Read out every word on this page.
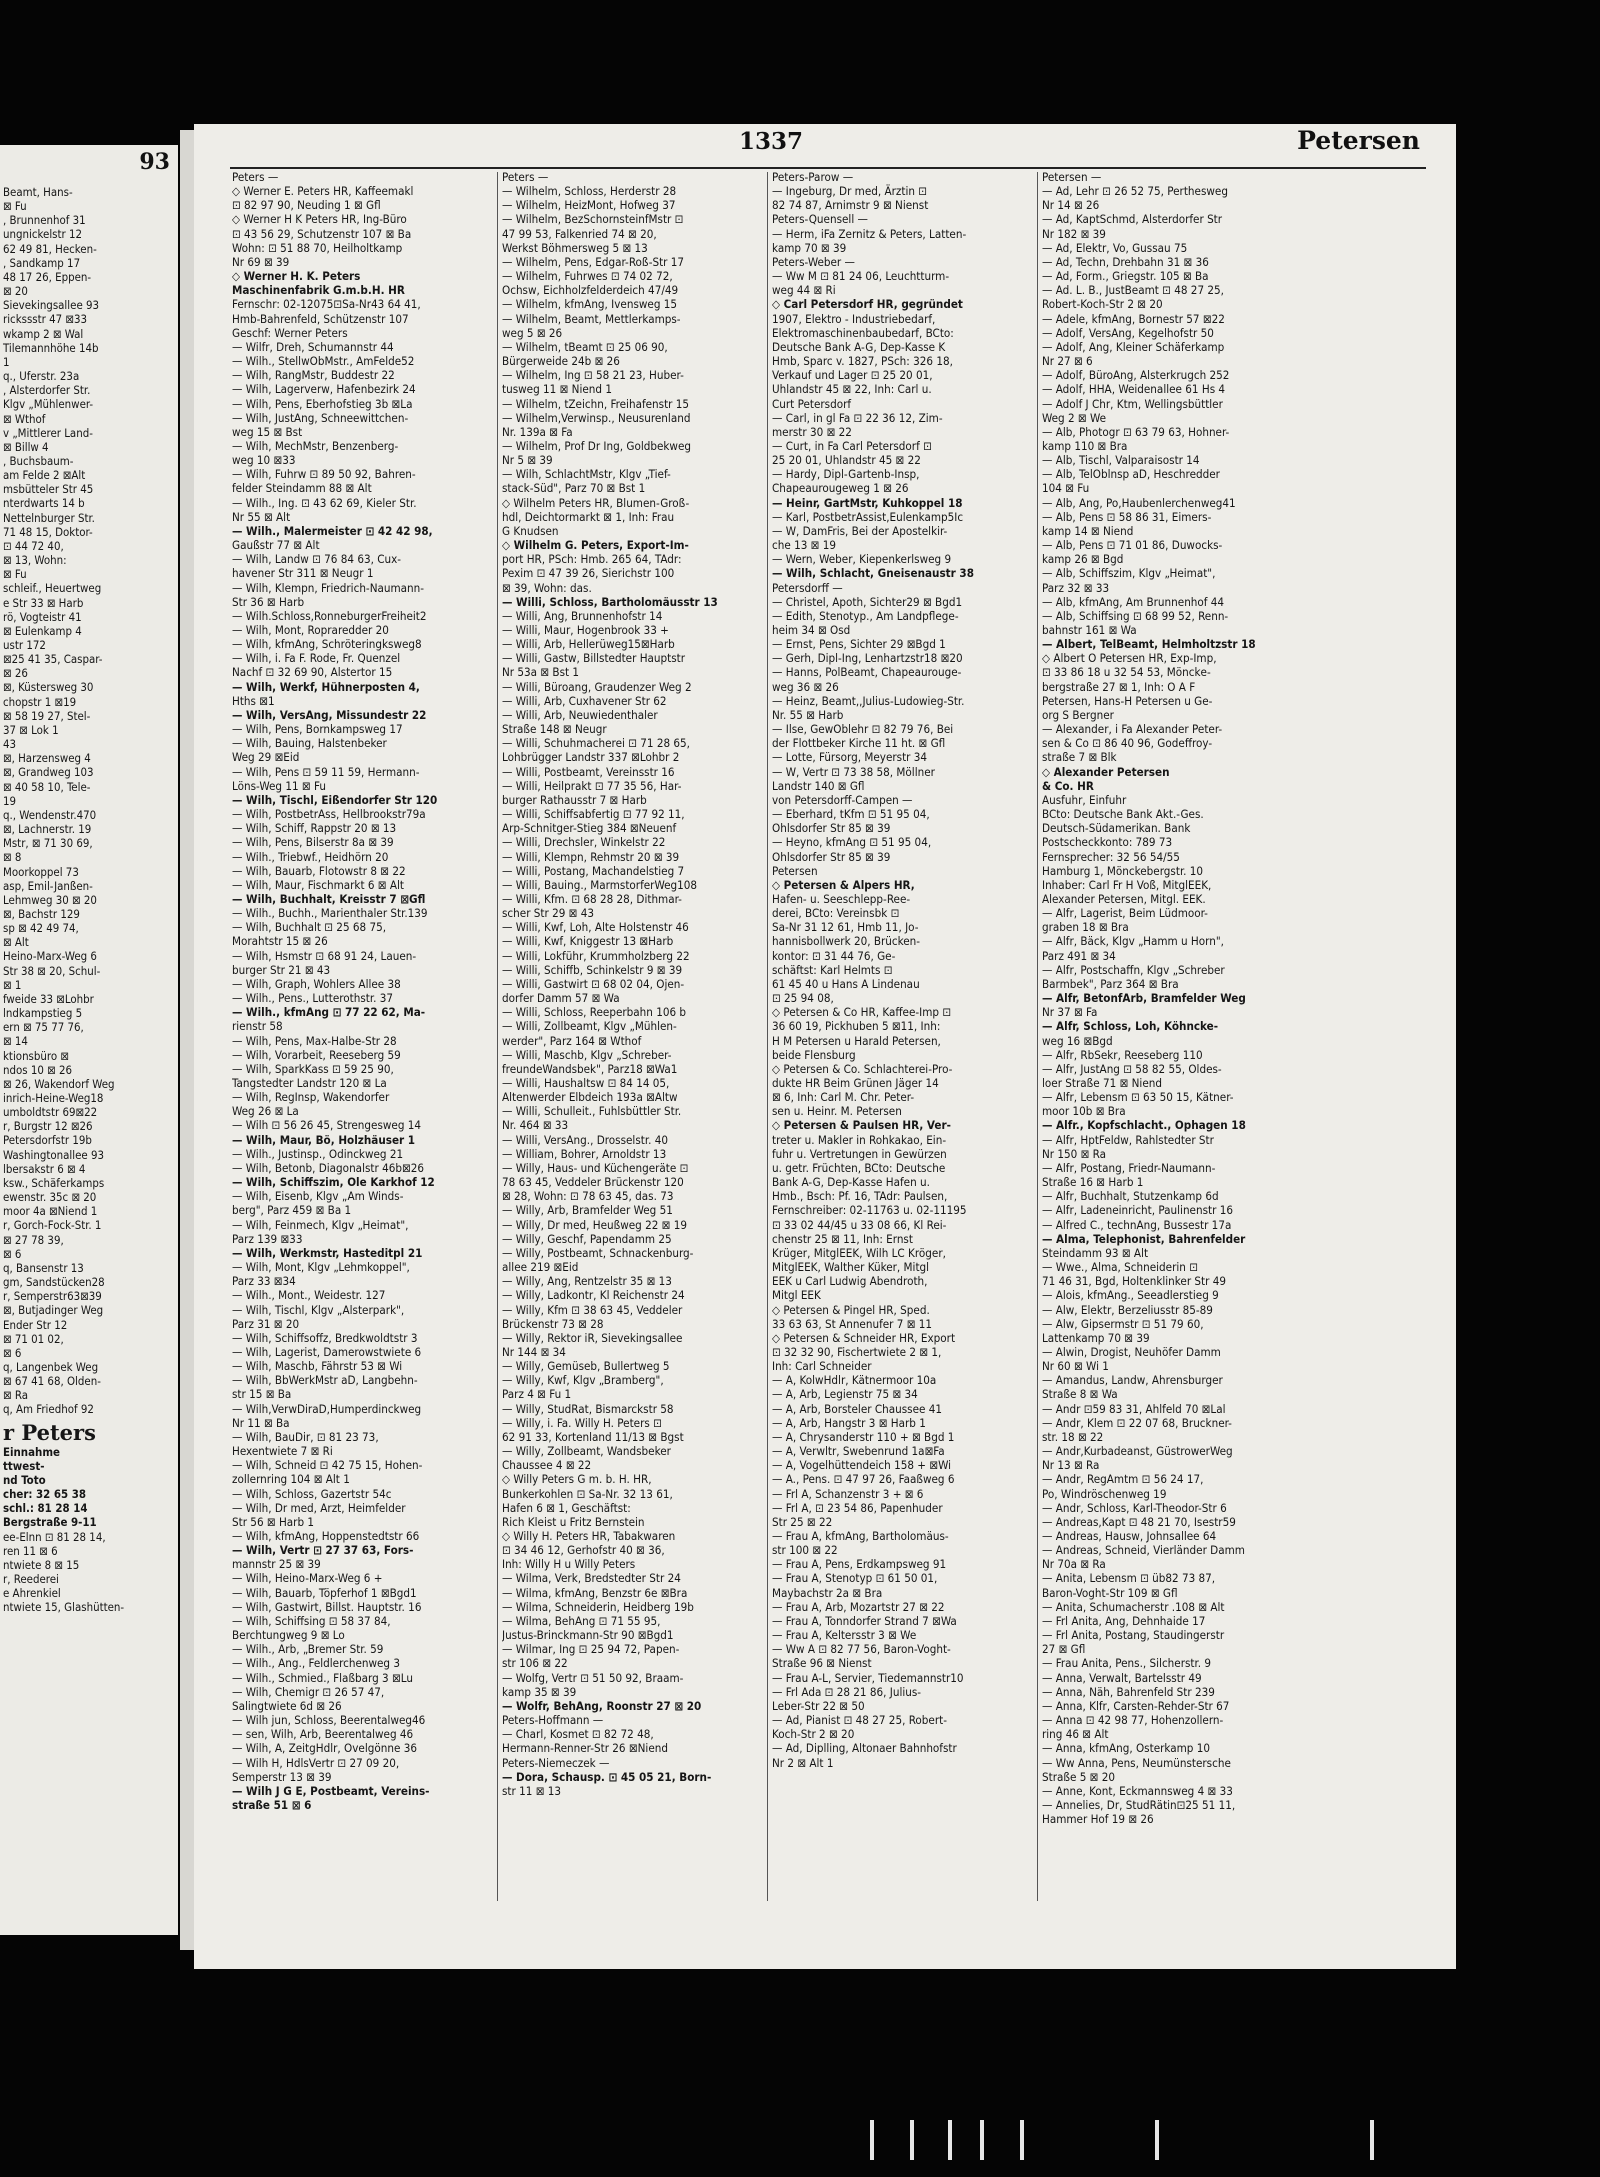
93
Beamt, Hans-
⊠ Fu
, Brunnenhof 31
ungnickelstr 12
62 49 81, Hecken-
, Sandkamp 17
48 17 26, Eppen-
⊠ 20
Sievekingsallee 93
rickssstr 47 ⊠33
wkamp 2 ⊠ Wal
Tilemannhöhe 14b
1
q., Uferstr. 23a
, Alsterdorfer Str.
Klgv „Mühlenwer-
⊠ Wthof
v „Mittlerer Land-
⊠ Billw 4
, Buchsbaum-
am Felde 2 ⊠Alt
msbütteler Str 45
nterdwarts 14 b
Nettelnburger Str.
71 48 15, Doktor-
⊡ 44 72 40,
⊠ 13, Wohn:
⊠ Fu
schleif., Heuertweg
e Str 33 ⊠ Harb
rö, Vogteistr 41
⊠ Eulenkamp 4
ustr 172
⊠25 41 35, Caspar-
⊠ 26
⊠, Küstersweg 30
chopstr 1 ⊠19
⊠ 58 19 27, Stel-
37 ⊠ Lok 1
43
⊠, Harzensweg 4
⊠, Grandweg 103
⊠ 40 58 10, Tele-
19
q., Wendenstr.470
⊠, Lachnerstr. 19
Mstr, ⊠ 71 30 69,
⊠ 8
Moorkoppel 73
asp, Emil-Janßen-
Lehmweg 30 ⊠ 20
⊠, Bachstr 129
sp ⊠ 42 49 74,
⊠ Alt
Heino-Marx-Weg 6
Str 38 ⊠ 20, Schul-
⊠ 1
fweide 33 ⊠Lohbr
lndkampstieg 5
ern ⊠ 75 77 76,
⊠ 14
ktionsbüro ⊠
ndos 10 ⊠ 26
⊠ 26, Wakendorf Weg
inrich-Heine-Weg18
umboldtstr 69⊠22
r, Burgstr 12 ⊠26
Petersdorfstr 19b
Washingtonallee 93
lbersakstr 6 ⊠ 4
ksw., Schäferkamps
ewenstr. 35c ⊠ 20
moor 4a ⊠Niend 1
r, Gorch-Fock-Str. 1
⊠ 27 78 39,
⊠ 6
q, Bansenstr 13
gm, Sandstücken28
r, Semperstr63⊠39
⊠, Butjadinger Weg
Ender Str 12
⊠ 71 01 02,
⊠ 6
q, Langenbek Weg
⊠ 67 41 68, Olden-
⊠ Ra
q, Am Friedhof 92
r Peters
Einnahme
ttwest-
nd Toto
cher: 32 65 38
schl.: 81 28 14
Bergstraße 9-11
ee-Elnn ⊡ 81 28 14,
ren 11 ⊠ 6
ntwiete 8 ⊠ 15
r, Reederei
e Ahrenkiel
ntwiete 15, Glashütten-
1337	Petersen
Peters —
◇ Werner E. Peters HR, Kaffeemakl
⊡ 82 97 90, Neuding 1 ⊠ Gfl
◇ Werner H K Peters HR, Ing-Büro
⊡ 43 56 29, Schutzenstr 107 ⊠ Ba
Wohn: ⊡ 51 88 70, Heilholtkamp
Nr 69 ⊠ 39
◇ Werner H. K. Peters
Maschinenfabrik G.m.b.H. HR
Fernschr: 02-12075⊡Sa-Nr43 64 41,
Hmb-Bahrenfeld, Schützenstr 107
Geschf: Werner Peters
— Wilfr, Dreh, Schumannstr 44
— Wilh., StellwObMstr., AmFelde52
— Wilh, RangMstr, Buddestr 22
— Wilh, Lagerverw, Hafenbezirk 24
— Wilh, Pens, Eberhofstieg 3b ⊠La
— Wilh, JustAng, Schneewittchen-
weg 15 ⊠ Bst
— Wilh, MechMstr, Benzenberg-
weg 10 ⊠33
— Wilh, Fuhrw ⊡ 89 50 92, Bahren-
felder Steindamm 88 ⊠ Alt
— Wilh., Ing. ⊡ 43 62 69, Kieler Str.
Nr 55 ⊠ Alt
— Wilh., Malermeister ⊡ 42 42 98,
Gaußstr 77 ⊠ Alt
— Wilh, Landw ⊡ 76 84 63, Cux-
havener Str 311 ⊠ Neugr 1
— Wilh, Klempn, Friedrich-Naumann-
Str 36 ⊠ Harb
— Wilh.Schloss,RonneburgerFreiheit2
— Wilh, Mont, Ropraredder 20
— Wilh, kfmAng, Schröteringksweg8
— Wilh, i. Fa F. Rode, Fr. Quenzel
Nachf ⊡ 32 69 90, Alstertor 15
— Wilh, Werkf, Hühnerposten 4,
Hths ⊠1
— Wilh, VersAng, Missundestr 22
— Wilh, Pens, Bornkampsweg 17
— Wilh, Bauing, Halstenbeker
Weg 29 ⊠Eid
— Wilh, Pens ⊡ 59 11 59, Hermann-
Löns-Weg 11 ⊠ Fu
— Wilh, Tischl, Eißendorfer Str 120
— Wilh, PostbetrAss, Hellbrookstr79a
— Wilh, Schiff, Rappstr 20 ⊠ 13
— Wilh, Pens, Bilserstr 8a ⊠ 39
— Wilh., Triebwf., Heidhörn 20
— Wilh, Bauarb, Flotowstr 8 ⊠ 22
— Wilh, Maur, Fischmarkt 6 ⊠ Alt
— Wilh, Buchhalt, Kreisstr 7 ⊠Gfl
— Wilh., Buchh., Marienthaler Str.139
— Wilh, Buchhalt ⊡ 25 68 75,
Morahtstr 15 ⊠ 26
— Wilh, Hsmstr ⊡ 68 91 24, Lauen-
burger Str 21 ⊠ 43
— Wilh, Graph, Wohlers Allee 38
— Wilh., Pens., Lutterothstr. 37
— Wilh., kfmAng ⊡ 77 22 62, Ma-
rienstr 58
— Wilh, Pens, Max-Halbe-Str 28
— Wilh, Vorarbeit, Reeseberg 59
— Wilh, SparkKass ⊡ 59 25 90,
Tangstedter Landstr 120 ⊠ La
— Wilh, RegInsp, Wakendorfer
Weg 26 ⊠ La
— Wilh ⊡ 56 26 45, Strengesweg 14
— Wilh, Maur, Bö, Holzhäuser 1
— Wilh., Justinsp., Odinckweg 21
— Wilh, Betonb, Diagonalstr 46b⊠26
— Wilh, Schiffszim, Ole Karkhof 12
— Wilh, Eisenb, Klgv „Am Winds-
berg", Parz 459 ⊠ Ba 1
— Wilh, Feinmech, Klgv „Heimat",
Parz 139 ⊠33
— Wilh, Werkmstr, Hasteditpl 21
— Wilh, Mont, Klgv „Lehmkoppel",
Parz 33 ⊠34
— Wilh., Mont., Weidestr. 127
— Wilh, Tischl, Klgv „Alsterpark",
Parz 31 ⊠ 20
— Wilh, Schiffsoffz, Bredkwoldtstr 3
— Wilh, Lagerist, Damerowstwiete 6
— Wilh, Maschb, Fährstr 53 ⊠ Wi
— Wilh, BbWerkMstr aD, Langbehn-
str 15 ⊠ Ba
— Wilh,VerwDiraD,Humperdinckweg
Nr 11 ⊠ Ba
— Wilh, BauDir, ⊡ 81 23 73,
Hexentwiete 7 ⊠ Ri
— Wilh, Schneid ⊡ 42 75 15, Hohen-
zollernring 104 ⊠ Alt 1
— Wilh, Schloss, Gazertstr 54c
— Wilh, Dr med, Arzt, Heimfelder
Str 56 ⊠ Harb 1
— Wilh, kfmAng, Hoppenstedtstr 66
— Wilh, Vertr ⊡ 27 37 63, Fors-
mannstr 25 ⊠ 39
— Wilh, Heino-Marx-Weg 6 +
— Wilh, Bauarb, Töpferhof 1 ⊠Bgd1
— Wilh, Gastwirt, Billst. Hauptstr. 16
— Wilh, Schiffsing ⊡ 58 37 84,
Berchtungweg 9 ⊠ Lo
— Wilh., Arb, „Bremer Str. 59
— Wilh., Ang., Feldlerchenweg 3
— Wilh., Schmied., Flaßbarg 3 ⊠Lu
— Wilh, Chemigr ⊡ 26 57 47,
Salingtwiete 6d ⊠ 26
— Wilh jun, Schloss, Beerentalweg46
— sen, Wilh, Arb, Beerentalweg 46
— Wilh, A, ZeitgHdlr, Ovelgönne 36
— Wilh H, HdlsVertr ⊡ 27 09 20,
Semperstr 13 ⊠ 39
— Wilh J G E, Postbeamt, Vereins-
straße 51 ⊠ 6
Peters —
— Wilhelm, Schloss, Herderstr 28
— Wilhelm, HeizMont, Hofweg 37
— Wilhelm, BezSchornsteinfMstr ⊡
47 99 53, Falkenried 74 ⊠ 20,
Werkst Böhmersweg 5 ⊠ 13
— Wilhelm, Pens, Edgar-Roß-Str 17
— Wilhelm, Fuhrwes ⊡ 74 02 72,
Ochsw, Eichholzfelderdeich 47/49
— Wilhelm, kfmAng, Ivensweg 15
— Wilhelm, Beamt, Mettlerkamps-
weg 5 ⊠ 26
— Wilhelm, tBeamt ⊡ 25 06 90,
Bürgerweide 24b ⊠ 26
— Wilhelm, Ing ⊡ 58 21 23, Huber-
tusweg 11 ⊠ Niend 1
— Wilhelm, tZeichn, Freihafenstr 15
— Wilhelm,Verwinsp., Neusurenland
Nr. 139a ⊠ Fa
— Wilhelm, Prof Dr Ing, Goldbekweg
Nr 5 ⊠ 39
— Wilh, SchlachtMstr, Klgv „Tief-
stack-Süd", Parz 70 ⊠ Bst 1
◇ Wilhelm Peters HR, Blumen-Groß-
hdl, Deichtormarkt ⊠ 1, Inh: Frau
G Knudsen
◇ Wilhelm G. Peters, Export-Im-
port HR, PSch: Hmb. 265 64, TAdr:
Pexim ⊡ 47 39 26, Sierichstr 100
⊠ 39, Wohn: das.
— Willi, Schloss, Bartholomäusstr 13
— Willi, Ang, Brunnenhofstr 14
— Willi, Maur, Hogenbrook 33 +
— Willi, Arb, Hellerüweg15⊠Harb
— Willi, Gastw, Billstedter Hauptstr
Nr 53a ⊠ Bst 1
— Willi, Büroang, Graudenzer Weg 2
— Willi, Arb, Cuxhavener Str 62
— Willi, Arb, Neuwiedenthaler
Straße 148 ⊠ Neugr
— Willi, Schuhmacherei ⊡ 71 28 65,
Lohbrügger Landstr 337 ⊠Lohbr 2
— Willi, Postbeamt, Vereinsstr 16
— Willi, Heilprakt ⊡ 77 35 56, Har-
burger Rathausstr 7 ⊠ Harb
— Willi, Schiffsabfertig ⊡ 77 92 11,
Arp-Schnitger-Stieg 384 ⊠Neuenf
— Willi, Drechsler, Winkelstr 22
— Willi, Klempn, Rehmstr 20 ⊠ 39
— Willi, Postang, Machandelstieg 7
— Willi, Bauing., MarmstorferWeg108
— Willi, Kfm. ⊡ 68 28 28, Dithmar-
scher Str 29 ⊠ 43
— Willi, Kwf, Loh, Alte Holstenstr 46
— Willi, Kwf, Kniggestr 13 ⊠Harb
— Willi, Lokführ, Krummholzberg 22
— Willi, Schiffb, Schinkelstr 9 ⊠ 39
— Willi, Gastwirt ⊡ 68 02 04, Ojen-
dorfer Damm 57 ⊠ Wa
— Willi, Schloss, Reeperbahn 106 b
— Willi, Zollbeamt, Klgv „Mühlen-
werder", Parz 164 ⊠ Wthof
— Willi, Maschb, Klgv „Schreber-
freundeWandsbek", Parz18 ⊠Wa1
— Willi, Haushaltsw ⊡ 84 14 05,
Altenwerder Elbdeich 193a ⊠Altw
— Willi, Schulleit., Fuhlsbüttler Str.
Nr. 464 ⊠ 33
— Willi, VersAng., Drosselstr. 40
— William, Bohrer, Arnoldstr 13
— Willy, Haus- und Küchengeräte ⊡
78 63 45, Veddeler Brückenstr 120
⊠ 28, Wohn: ⊡ 78 63 45, das. 73
— Willy, Arb, Bramfelder Weg 51
— Willy, Dr med, Heußweg 22 ⊠ 19
— Willy, Geschf, Papendamm 25
— Willy, Postbeamt, Schnackenburg-
allee 219 ⊠Eid
— Willy, Ang, Rentzelstr 35 ⊠ 13
— Willy, Ladkontr, Kl Reichenstr 24
— Willy, Kfm ⊡ 38 63 45, Veddeler
Brückenstr 73 ⊠ 28
— Willy, Rektor iR, Sievekingsallee
Nr 144 ⊠ 34
— Willy, Gemüseb, Bullertweg 5
— Willy, Kwf, Klgv „Bramberg",
Parz 4 ⊠ Fu 1
— Willy, StudRat, Bismarckstr 58
— Willy, i. Fa. Willy H. Peters ⊡
62 91 33, Kortenland 11/13 ⊠ Bgst
— Willy, Zollbeamt, Wandsbeker
Chaussee 4 ⊠ 22
◇ Willy Peters G m. b. H. HR,
Bunkerkohlen ⊡ Sa-Nr. 32 13 61,
Hafen 6 ⊠ 1, Geschäftst:
Rich Kleist u Fritz Bernstein
◇ Willy H. Peters HR, Tabakwaren
⊡ 34 46 12, Gerhofstr 40 ⊠ 36,
Inh: Willy H u Willy Peters
— Wilma, Verk, Bredstedter Str 24
— Wilma, kfmAng, Benzstr 6e ⊠Bra
— Wilma, Schneiderin, Heidberg 19b
— Wilma, BehAng ⊡ 71 55 95,
Justus-Brinckmann-Str 90 ⊠Bgd1
— Wilmar, Ing ⊡ 25 94 72, Papen-
str 106 ⊠ 22
— Wolfg, Vertr ⊡ 51 50 92, Braam-
kamp 35 ⊠ 39
— Wolfr, BehAng, Roonstr 27 ⊠ 20
Peters-Hoffmann —
— Charl, Kosmet ⊡ 82 72 48,
Hermann-Renner-Str 26 ⊠Niend
Peters-Niemeczek —
— Dora, Schausp. ⊡ 45 05 21, Born-
str 11 ⊠ 13
Peters-Parow —
— Ingeburg, Dr med, Ärztin ⊡
82 74 87, Arnimstr 9 ⊠ Nienst
Peters-Quensell —
— Herm, iFa Zernitz & Peters, Latten-
kamp 70 ⊠ 39
Peters-Weber —
— Ww M ⊡ 81 24 06, Leuchtturm-
weg 44 ⊠ Ri
◇ Carl Petersdorf HR, gegründet
1907, Elektro - Industriebedarf,
Elektromaschinenbaubedarf, BCto:
Deutsche Bank A-G, Dep-Kasse K
Hmb, Sparc v. 1827, PSch: 326 18,
Verkauf und Lager ⊡ 25 20 01,
Uhlandstr 45 ⊠ 22, Inh: Carl u.
Curt Petersdorf
— Carl, in gl Fa ⊡ 22 36 12, Zim-
merstr 30 ⊠ 22
— Curt, in Fa Carl Petersdorf ⊡
25 20 01, Uhlandstr 45 ⊠ 22
— Hardy, Dipl-Gartenb-Insp,
Chapeaurougeweg 1 ⊠ 26
— Heinr, GartMstr, Kuhkoppel 18
— Karl, PostbetrAssist,Eulenkamp5Ic
— W, DamFris, Bei der Apostelkir-
che 13 ⊠ 19
— Wern, Weber, Kiepenkerlsweg 9
— Wilh, Schlacht, Gneisenaustr 38
Petersdorff —
— Christel, Apoth, Sichter29 ⊠ Bgd1
— Edith, Stenotyp., Am Landpflege-
heim 34 ⊠ Osd
— Ernst, Pens, Sichter 29 ⊠Bgd 1
— Gerh, Dipl-Ing, Lenhartzstr18 ⊠20
— Hanns, PolBeamt, Chapeaurouge-
weg 36 ⊠ 26
— Heinz, Beamt,,Julius-Ludowieg-Str.
Nr. 55 ⊠ Harb
— Ilse, GewOblehr ⊡ 82 79 76, Bei
der Flottbeker Kirche 11 ht. ⊠ Gfl
— Lotte, Fürsorg, Meyerstr 34
— W, Vertr ⊡ 73 38 58, Möllner
Landstr 140 ⊠ Gfl
von Petersdorff-Campen —
— Eberhard, tKfm ⊡ 51 95 04,
Ohlsdorfer Str 85 ⊠ 39
— Heyno, kfmAng ⊡ 51 95 04,
Ohlsdorfer Str 85 ⊠ 39
Petersen
◇ Petersen & Alpers HR,
Hafen- u. Seeschlepp-Ree-
derei, BCto: Vereinsbk ⊡
Sa-Nr 31 12 61, Hmb 11, Jo-
hannisbollwerk 20, Brücken-
kontor: ⊡ 31 44 76, Ge-
schäftst: Karl Helmts ⊡
61 45 40 u Hans A Lindenau
⊡ 25 94 08,
◇ Petersen & Co HR, Kaffee-Imp ⊡
36 60 19, Pickhuben 5 ⊠11, Inh:
H M Petersen u Harald Petersen,
beide Flensburg
◇ Petersen & Co. Schlachterei-Pro-
dukte HR Beim Grünen Jäger 14
⊠ 6, Inh: Carl M. Chr. Peter-
sen u. Heinr. M. Petersen
◇ Petersen & Paulsen HR, Ver-
treter u. Makler in Rohkakao, Ein-
fuhr u. Vertretungen in Gewürzen
u. getr. Früchten, BCto: Deutsche
Bank A-G, Dep-Kasse Hafen u.
Hmb., Bsch: Pf. 16, TAdr: Paulsen,
Fernschreiber: 02-11763 u. 02-11195
⊡ 33 02 44/45 u 33 08 66, Kl Rei-
chenstr 25 ⊠ 11, Inh: Ernst
Krüger, MitglEEK, Wilh LC Kröger,
MitglEEK, Walther Küker, Mitgl
EEK u Carl Ludwig Abendroth,
Mitgl EEK
◇ Petersen & Pingel HR, Sped.
33 63 63, St Annenufer 7 ⊠ 11
◇ Petersen & Schneider HR, Export
⊡ 32 32 90, Fischertwiete 2 ⊠ 1,
Inh: Carl Schneider
— A, KolwHdlr, Kätnermoor 10a
— A, Arb, Legienstr 75 ⊠ 34
— A, Arb, Borsteler Chaussee 41
— A, Arb, Hangstr 3 ⊠ Harb 1
— A, Chrysanderstr 110 + ⊠ Bgd 1
— A, Verwltr, Swebenrund 1a⊠Fa
— A, Vogelhüttendeich 158 + ⊠Wi
— A., Pens. ⊡ 47 97 26, Faaßweg 6
— Frl A, Schanzenstr 3 + ⊠ 6
— Frl A, ⊡ 23 54 86, Papenhuder
Str 25 ⊠ 22
— Frau A, kfmAng, Bartholomäus-
str 100 ⊠ 22
— Frau A, Pens, Erdkampsweg 91
— Frau A, Stenotyp ⊡ 61 50 01,
Maybachstr 2a ⊠ Bra
— Frau A, Arb, Mozartstr 27 ⊠ 22
— Frau A, Tonndorfer Strand 7 ⊠Wa
— Frau A, Keltersstr 3 ⊠ We
— Ww A ⊡ 82 77 56, Baron-Voght-
Straße 96 ⊠ Nienst
— Frau A-L, Servier, Tiedemannstr10
— Frl Ada ⊡ 28 21 86, Julius-
Leber-Str 22 ⊠ 50
— Ad, Pianist ⊡ 48 27 25, Robert-
Koch-Str 2 ⊠ 20
— Ad, Diplling, Altonaer Bahnhofstr
Nr 2 ⊠ Alt 1
Petersen —
— Ad, Lehr ⊡ 26 52 75, Perthesweg
Nr 14 ⊠ 26
— Ad, KaptSchmd, Alsterdorfer Str
Nr 182 ⊠ 39
— Ad, Elektr, Vo, Gussau 75
— Ad, Techn, Drehbahn 31 ⊠ 36
— Ad, Form., Griegstr. 105 ⊠ Ba
— Ad. L. B., JustBeamt ⊡ 48 27 25,
Robert-Koch-Str 2 ⊠ 20
— Adele, kfmAng, Bornestr 57 ⊠22
— Adolf, VersAng, Kegelhofstr 50
— Adolf, Ang, Kleiner Schäferkamp
Nr 27 ⊠ 6
— Adolf, BüroAng, Alsterkrugch 252
— Adolf, HHA, Weidenallee 61 Hs 4
— Adolf J Chr, Ktm, Wellingsbüttler
Weg 2 ⊠ We
— Alb, Photogr ⊡ 63 79 63, Hohner-
kamp 110 ⊠ Bra
— Alb, Tischl, Valparaisostr 14
— Alb, TelOblnsp aD, Heschredder
104 ⊠ Fu
— Alb, Ang, Po,Haubenlerchenweg41
— Alb, Pens ⊡ 58 86 31, Eimers-
kamp 14 ⊠ Niend
— Alb, Pens ⊡ 71 01 86, Duwocks-
kamp 26 ⊠ Bgd
— Alb, Schiffszim, Klgv „Heimat",
Parz 32 ⊠ 33
— Alb, kfmAng, Am Brunnenhof 44
— Alb, Schiffsing ⊡ 68 99 52, Renn-
bahnstr 161 ⊠ Wa
— Albert, TelBeamt, Helmholtzstr 18
◇ Albert O Petersen HR, Exp-Imp,
⊡ 33 86 18 u 32 54 53, Mönckе-
bergstraße 27 ⊠ 1, Inh: O A F
Petersen, Hans-H Petersen u Ge-
org S Bergner
— Alexander, i Fa Alexander Peter-
sen & Co ⊡ 86 40 96, Godeffroy-
straße 7 ⊠ Blk
◇ Alexander Petersen
& Co. HR
Ausfuhr, Einfuhr
BCto: Deutsche Bank Akt.-Ges.
Deutsch-Südamerikan. Bank
Postscheckkonto: 789 73
Fernsprecher: 32 56 54/55
Hamburg 1, Mönckebergstr. 10
Inhaber: Carl Fr H Voß, MitglEEK,
Alexander Petersen, Mitgl. EEK.
— Alfr, Lagerist, Beim Lüdmoor-
graben 18 ⊠ Bra
— Alfr, Bäck, Klgv „Hamm u Horn",
Parz 491 ⊠ 34
— Alfr, Postschaffn, Klgv „Schreber
Barmbek", Parz 364 ⊠ Bra
— Alfr, BetonfArb, Bramfelder Weg
Nr 37 ⊠ Fa
— Alfr, Schloss, Loh, Köhncke-
weg 16 ⊠Bgd
— Alfr, RbSekr, Reeseberg 110
— Alfr, JustAng ⊡ 58 82 55, Oldes-
loer Straße 71 ⊠ Niend
— Alfr, Lebensm ⊡ 63 50 15, Kätner-
moor 10b ⊠ Bra
— Alfr., Kopfschlacht., Ophagen 18
— Alfr, HptFeldw, Rahlstedter Str
Nr 150 ⊠ Ra
— Alfr, Postang, Friedr-Naumann-
Straße 16 ⊠ Harb 1
— Alfr, Buchhalt, Stutzenkamp 6d
— Alfr, Ladeneinricht, Paulinenstr 16
— Alfred C., technAng, Bussestr 17a
— Alma, Telephonist, Bahrenfelder
Steindamm 93 ⊠ Alt
— Wwe., Alma, Schneiderin ⊡
71 46 31, Bgd, Holtenklinker Str 49
— Alois, kfmAng., Seeadlerstieg 9
— Alw, Elektr, Berzeliusstr 85-89
— Alw, Gipsermstr ⊡ 51 79 60,
Lattenkamp 70 ⊠ 39
— Alwin, Drogist, Neuhöfer Damm
Nr 60 ⊠ Wi 1
— Amandus, Landw, Ahrensburger
Straße 8 ⊠ Wa
— Andr ⊡59 83 31, Ahlfeld 70 ⊠Lal
— Andr, Klem ⊡ 22 07 68, Bruckner-
str. 18 ⊠ 22
— Andr,Kurbadeanst, GüstrowerWeg
Nr 13 ⊠ Ra
— Andr, RegAmtm ⊡ 56 24 17,
Po, Windröschenweg 19
— Andr, Schloss, Karl-Theodor-Str 6
— Andreas,Kapt ⊡ 48 21 70, Isestr59
— Andreas, Hausw, Johnsallee 64
— Andreas, Schneid, Vierländer Damm
Nr 70a ⊠ Ra
— Anita, Lebensm ⊡ üb82 73 87,
Baron-Voght-Str 109 ⊠ Gfl
— Anita, Schumacherstr .108 ⊠ Alt
— Frl Anita, Ang, Dehnhaide 17
— Frl Anita, Postang, Staudingerstr
27 ⊠ Gfl
— Frau Anita, Pens., Silcherstr. 9
— Anna, Verwalt, Bartelsstr 49
— Anna, Näh, Bahrenfeld Str 239
— Anna, Klfr, Carsten-Rehder-Str 67
— Anna ⊡ 42 98 77, Hohenzollern-
ring 46 ⊠ Alt
— Anna, kfmAng, Osterkamp 10
— Ww Anna, Pens, Neumünstersche
Straße 5 ⊠ 20
— Anne, Kont, Eckmannsweg 4 ⊠ 33
— Annelies, Dr, StudRätin⊡25 51 11,
Hammer Hof 19 ⊠ 26
